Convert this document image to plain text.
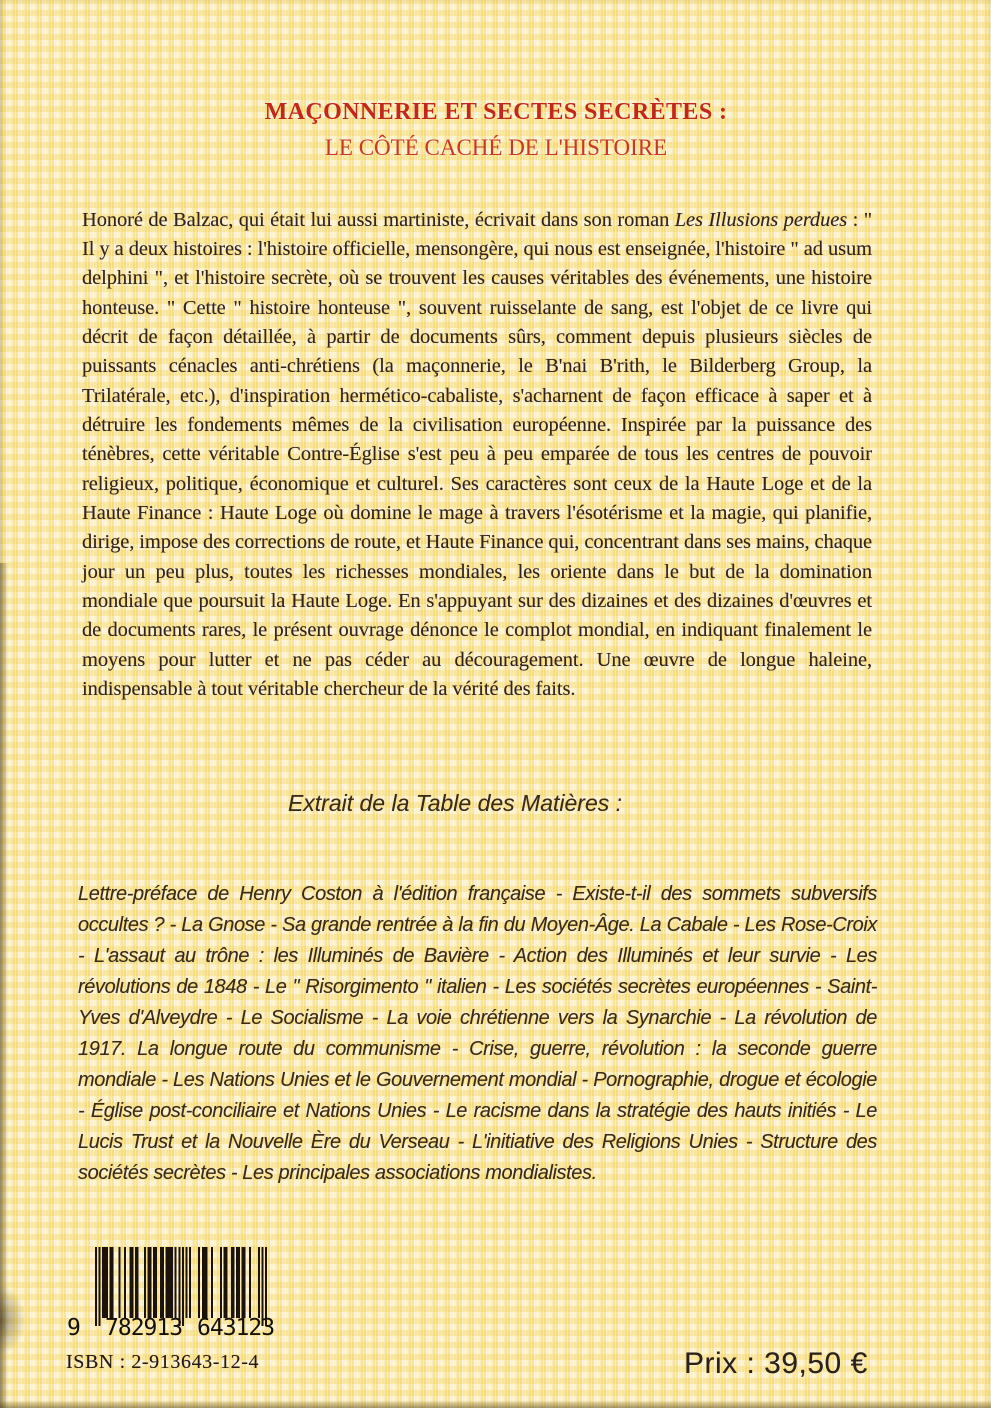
MAÇONNERIE ET SECTES SECRÈTES :
LE CÔTÉ CACHÉ DE L'HISTOIRE

Honoré de Balzac, qui était lui aussi martiniste, écrivait dans son roman Les Illusions perdues : " Il y a deux histoires : l'histoire officielle, mensongère, qui nous est enseignée, l'histoire " ad usum delphini ", et l'histoire secrète, où se trouvent les causes véritables des événements, une histoire honteuse. " Cette " histoire honteuse ", souvent ruisselante de sang, est l'objet de ce livre qui décrit de façon détaillée, à partir de documents sûrs, comment depuis plusieurs siècles de puissants cénacles anti-chrétiens (la maçonnerie, le B'nai B'rith, le Bilderberg Group, la Trilatérale, etc.), d'inspiration hermético-cabaliste, s'acharnent de façon efficace à saper et à détruire les fondements mêmes de la civilisation européenne. Inspirée par la puissance des ténèbres, cette véritable Contre-Église s'est peu à peu emparée de tous les centres de pouvoir religieux, politique, économique et culturel. Ses caractères sont ceux de la Haute Loge et de la Haute Finance : Haute Loge où domine le mage à travers l'ésotérisme et la magie, qui planifie, dirige, impose des corrections de route, et Haute Finance qui, concentrant dans ses mains, chaque jour un peu plus, toutes les richesses mondiales, les oriente dans le but de la domination mondiale que poursuit la Haute Loge. En s'appuyant sur des dizaines et des dizaines d'œuvres et de documents rares, le présent ouvrage dénonce le complot mondial, en indiquant finalement le moyens pour lutter et ne pas céder au découragement. Une œuvre de longue haleine, indispensable à tout véritable chercheur de la vérité des faits.

Extrait de la Table des Matières :

Lettre-préface de Henry Coston à l'édition française - Existe-t-il des sommets subversifs occultes ? - La Gnose - Sa grande rentrée à la fin du Moyen-Âge. La Cabale - Les Rose-Croix - L'assaut au trône : les Illuminés de Bavière - Action des Illuminés et leur survie - Les révolutions de 1848 - Le " Risorgimento " italien - Les sociétés secrètes européennes - Saint-Yves d'Alveydre - Le Socialisme - La voie chrétienne vers la Synarchie - La révolution de 1917. La longue route du communisme - Crise, guerre, révolution : la seconde guerre mondiale - Les Nations Unies et le Gouvernement mondial - Pornographie, drogue et écologie - Église post-conciliaire et Nations Unies - Le racisme dans la stratégie des hauts initiés - Le Lucis Trust et la Nouvelle Ère du Verseau - L'initiative des Religions Unies - Structure des sociétés secrètes - Les principales associations mondialistes.

9 782913 643123
ISBN : 2-913643-12-4	Prix : 39,50 €
